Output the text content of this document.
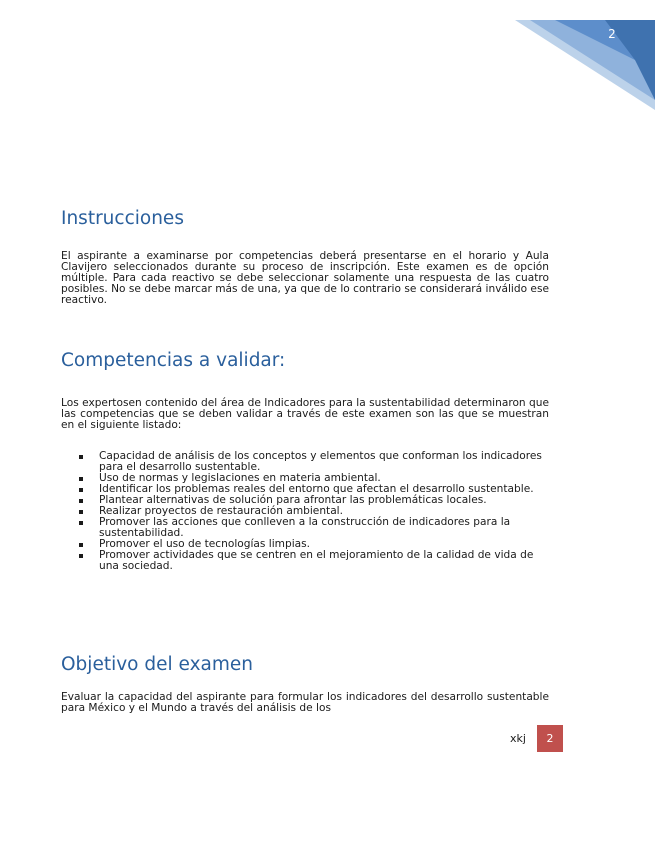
2
Instrucciones

El aspirante a examinarse por competencias deberá presentarse en el horario y Aula Clavijero seleccionados durante su proceso de inscripción. Este examen es de opción múltiple. Para cada reactivo se debe seleccionar solamente una respuesta de las cuatro posibles. No se debe marcar más de una, ya que de lo contrario se considerará inválido ese reactivo.

Competencias a validar:

Los expertosen contenido del área de Indicadores para la sustentabilidad determinaron que las competencias que se deben validar a través de este examen son las que se muestran en el siguiente listado:

Capacidad de análisis de los conceptos y elementos que conforman los indicadores para el desarrollo sustentable.
Uso de normas y legislaciones en materia ambiental.
Identificar los problemas reales del entorno que afectan el desarrollo sustentable.
Plantear alternativas de solución para afrontar las problemáticas locales.
Realizar proyectos de restauración ambiental.
Promover las acciones que conlleven a la construcción de indicadores para la sustentabilidad.
Promover el uso de tecnologías limpias.
Promover actividades que se centren en el mejoramiento de la calidad de vida de una sociedad.
Objetivo del examen

Evaluar la capacidad del aspirante para formular los indicadores del desarrollo sustentable para México y el Mundo a través del análisis de los

xkj	2
